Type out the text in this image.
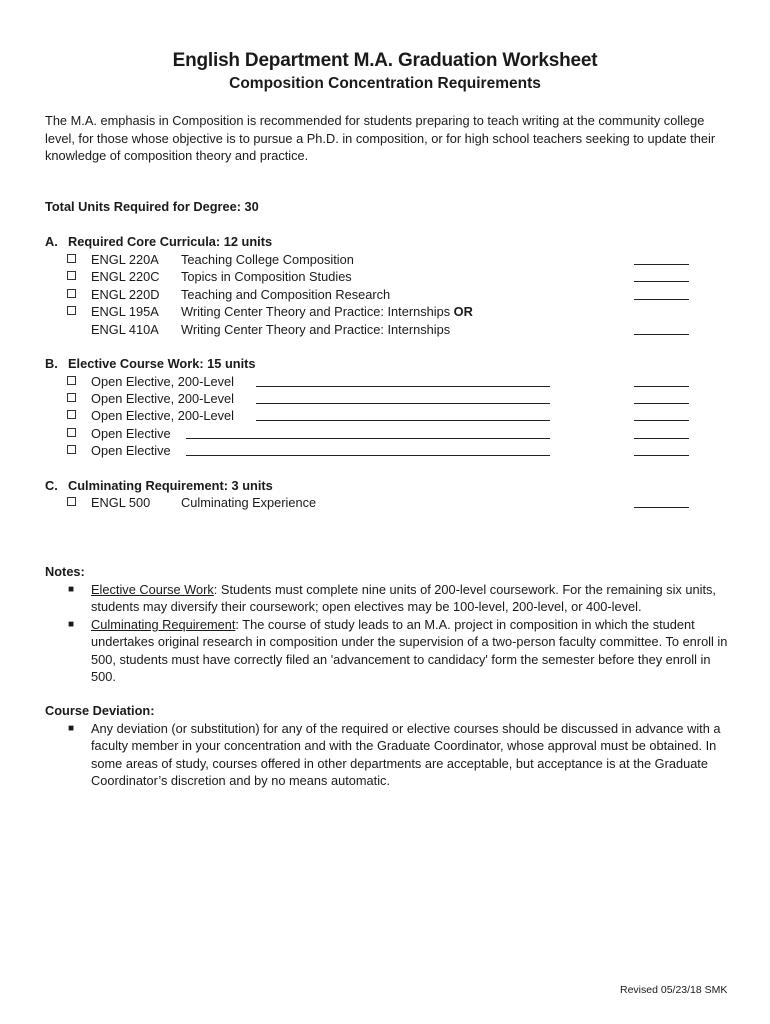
English Department M.A. Graduation Worksheet
Composition Concentration Requirements
The M.A. emphasis in Composition is recommended for students preparing to teach writing at the community college level, for those whose objective is to pursue a Ph.D. in composition, or for high school teachers seeking to update their knowledge of composition theory and practice.
Total Units Required for Degree: 30
A. Required Core Curricula: 12 units
ENGL 220A Teaching College Composition
ENGL 220C Topics in Composition Studies
ENGL 220D Teaching and Composition Research
ENGL 195A Writing Center Theory and Practice: Internships OR
ENGL 410A Writing Center Theory and Practice: Internships
B. Elective Course Work: 15 units
Open Elective, 200-Level
Open Elective, 200-Level
Open Elective, 200-Level
Open Elective
Open Elective
C. Culminating Requirement: 3 units
ENGL 500 Culminating Experience
Notes:
■ Elective Course Work: Students must complete nine units of 200-level coursework. For the remaining six units, students may diversify their coursework; open electives may be 100-level, 200-level, or 400-level.
■ Culminating Requirement: The course of study leads to an M.A. project in composition in which the student undertakes original research in composition under the supervision of a two-person faculty committee. To enroll in 500, students must have correctly filed an 'advancement to candidacy' form the semester before they enroll in 500.
Course Deviation:
■ Any deviation (or substitution) for any of the required or elective courses should be discussed in advance with a faculty member in your concentration and with the Graduate Coordinator, whose approval must be obtained. In some areas of study, courses offered in other departments are acceptable, but acceptance is at the Graduate Coordinator’s discretion and by no means automatic.
Revised 05/23/18 SMK
